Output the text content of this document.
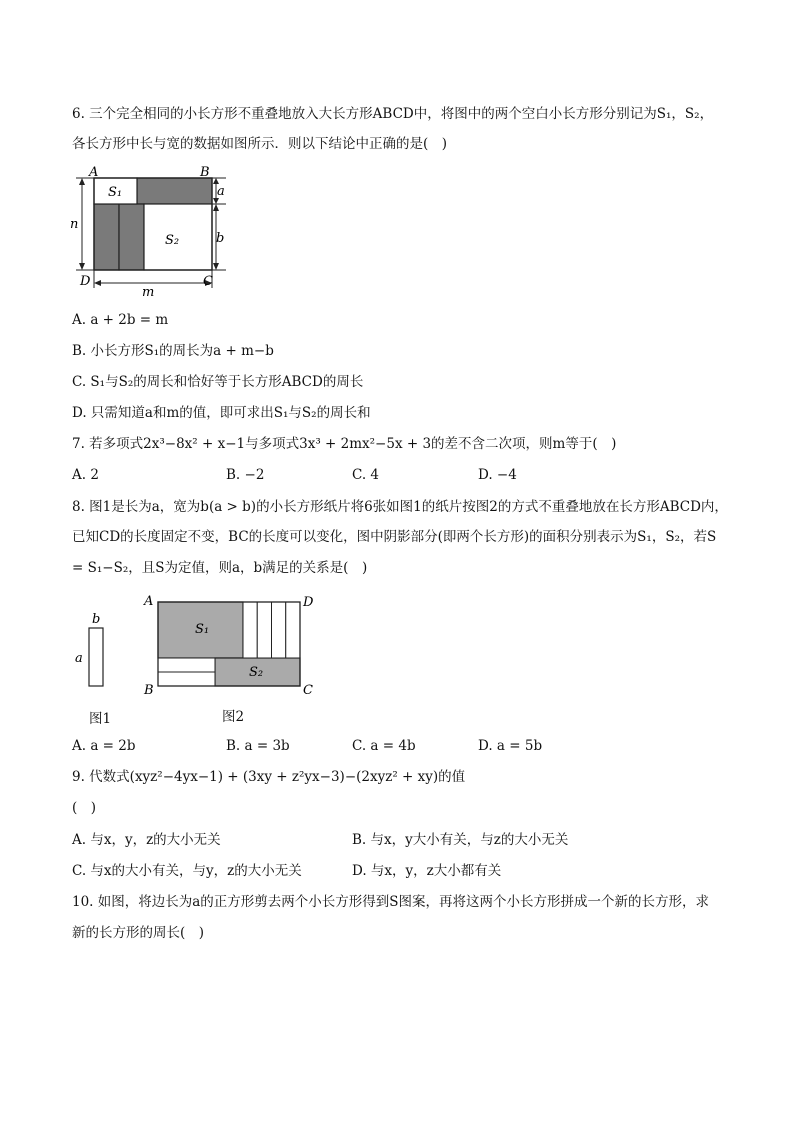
6. 三个完全相同的小长方形不重叠地放入大长方形ABCD中，将图中的两个空白小长方形分别记为S₁，S₂，
各长方形中长与宽的数据如图所示．则以下结论中正确的是(　)
A	B
D	C
S₁
S₂
n
m
a
b
A. a + 2b = m
B. 小长方形S₁的周长为a + m−b
C. S₁与S₂的周长和恰好等于长方形ABCD的周长
D. 只需知道a和m的值，即可求出S₁与S₂的周长和
7. 若多项式2x³−8x² + x−1与多项式3x³ + 2mx²−5x + 3的差不含二次项，则m等于(　)
A. 2	B. −2	C. 4	D. −4
8. 图1是长为a，宽为b(a > b)的小长方形纸片将6张如图1的纸片按图2的方式不重叠地放在长方形ABCD内，
已知CD的长度固定不变，BC的长度可以变化，图中阴影部分(即两个长方形)的面积分别表示为S₁，S₂，若S
= S₁−S₂，且S为定值，则a，b满足的关系是(　)
b
a
图1
A	D
B	C
S₁
S₂
图2
A. a = 2b	B. a = 3b	C. a = 4b	D. a = 5b
9. 代数式(xyz²−4yx−1) + (3xy + z²yx−3)−(2xyz² + xy)的值
(　)
A. 与x，y，z的大小无关	B. 与x，y大小有关，与z的大小无关
C. 与x的大小有关，与y，z的大小无关	D. 与x，y，z大小都有关
10. 如图，将边长为a的正方形剪去两个小长方形得到S图案，再将这两个小长方形拼成一个新的长方形，求
新的长方形的周长(　)
